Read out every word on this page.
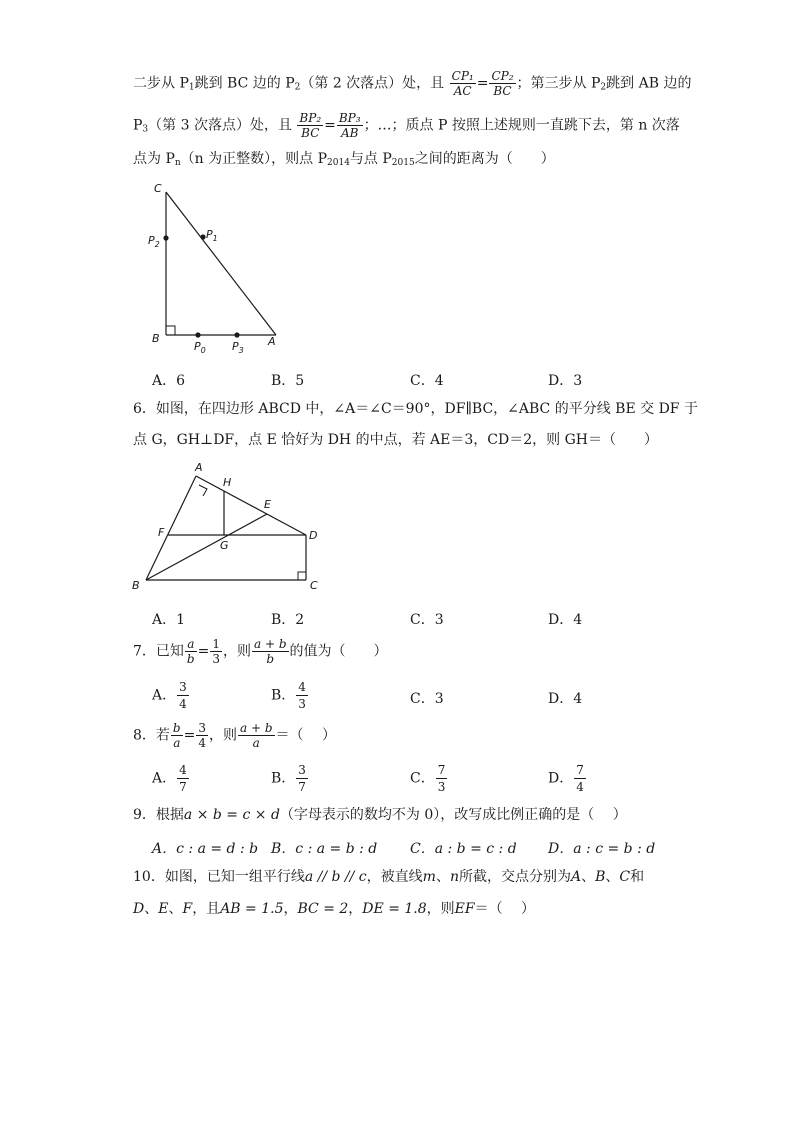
二步从 $P_1$跳到 BC 边的 $P_2$（第 2 次落点）处，且 $\frac{\text{CP₁}}{AC} = \frac{\text{CP₂}}{BC}$ ；第三步从 $P_2$跳到 AB 边的
$P_3$（第 3 次落点）处，且 $\frac{\text{BP₂}}{BC} = \frac{\text{BP₃}}{AB}$ ；…；质点 P 按照上述规则一直跳下去，第 n 次落
点为 $P_n(n$ 为正整数），则点 $P_{2014}$与点 $P_{2015}$之间的距离为（　　）
C
$P_2$
$P_1$
B
$P_0$ $P_3$
A
A．6	B．5	C．4	D．3
6．如图，在四边形 ABCD 中，∠A＝∠C＝90°，DF∥BC，∠ABC 的平分线 BE 交 DF 于
点 G，GH⊥DF，点 E 恰好为 DH 的中点，若 AE＝3，CD＝2，则 GH＝（　　）
A
H
E
F
G
D
B	C
A．1	B．2	C．3	D．4
7．已知 $\frac{a}{b} = \frac{1}{3}$ ，则 $\frac{a + b}{b}$ 的值为（　　）
A． $\frac{3}{4}$	B． $\frac{4}{3}$	C．3	D．4
8．若 $\frac{b}{a} = \frac{3}{4}$ ，则 $\frac{a + b}{a}$ ＝（　 ）
A． $\frac{4}{7}$	B． $\frac{3}{7}$	C． $\frac{7}{3}$	D． $\frac{7}{4}$
9．根据a × b = c × d（字母表示的数均不为 0），改写成比例正确的是（　 ）
A．c : a = d : b B．c : a = b : d C．a : b = c : d D．a : c = b : d
10．如图，已知一组平行线a // b // c，被直线m、n所截，交点分别为A、B、C和
D、E、F，且AB = 1.5，BC = 2，DE = 1.8，则EF＝（　 ）
